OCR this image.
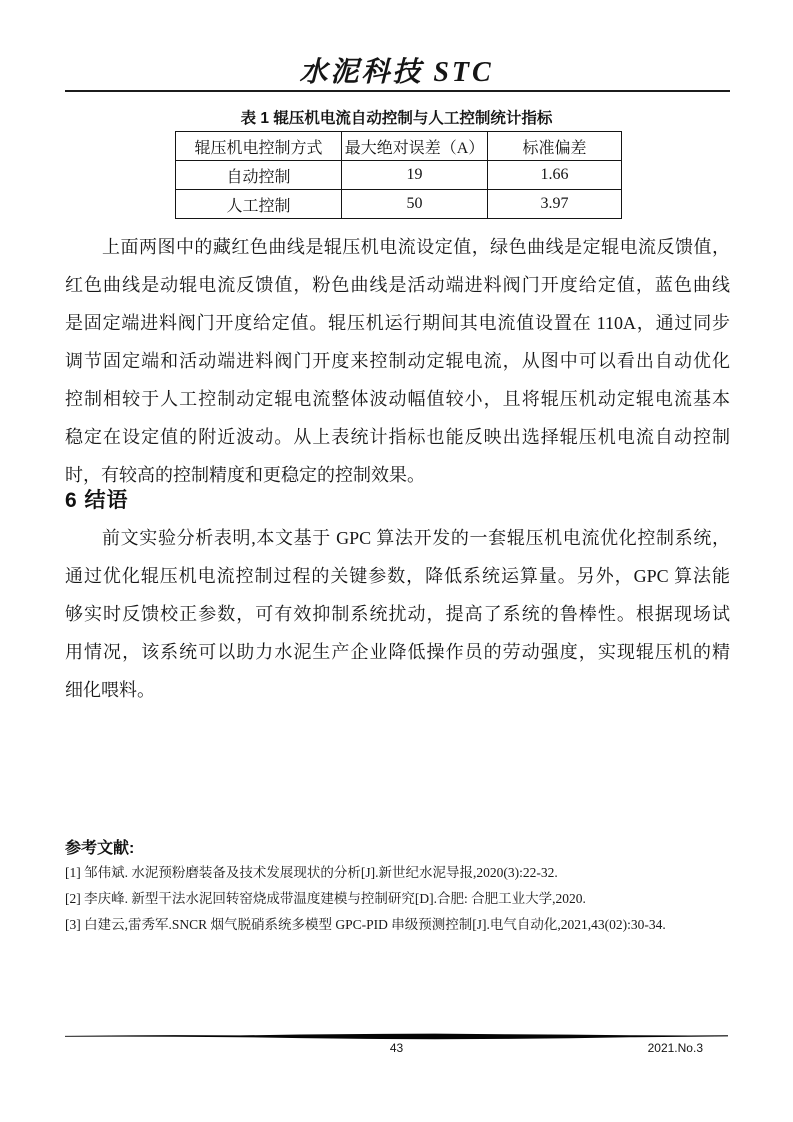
水泥科技 STC
表 1 辊压机电流自动控制与人工控制统计指标
辊压机电控制方式	最大绝对误差（A）	标准偏差
自动控制	19	1.66
人工控制	50	3.97
上面两图中的藏红色曲线是辊压机电流设定值，绿色曲线是定辊电流反馈值，
红色曲线是动辊电流反馈值，粉色曲线是活动端进料阀门开度给定值，蓝色曲线
是固定端进料阀门开度给定值。辊压机运行期间其电流值设置在 110A，通过同步
调节固定端和活动端进料阀门开度来控制动定辊电流，从图中可以看出自动优化
控制相较于人工控制动定辊电流整体波动幅值较小，且将辊压机动定辊电流基本
稳定在设定值的附近波动。从上表统计指标也能反映出选择辊压机电流自动控制
时，有较高的控制精度和更稳定的控制效果。
6 结语
前文实验分析表明,本文基于 GPC 算法开发的一套辊压机电流优化控制系统，
通过优化辊压机电流控制过程的关键参数，降低系统运算量。另外，GPC 算法能
够实时反馈校正参数，可有效抑制系统扰动，提高了系统的鲁棒性。根据现场试
用情况，该系统可以助力水泥生产企业降低操作员的劳动强度，实现辊压机的精
细化喂料。
参考文献:
[1] 邹伟斌. 水泥预粉磨装备及技术发展现状的分析[J].新世纪水泥导报,2020(3):22-32.
[2] 李庆峰. 新型干法水泥回转窑烧成带温度建模与控制研究[D].合肥: 合肥工业大学,2020.
[3] 白建云,雷秀军.SNCR 烟气脱硝系统多模型 GPC-PID 串级预测控制[J].电气自动化,2021,43(02):30-34.
43	2021.No.3
